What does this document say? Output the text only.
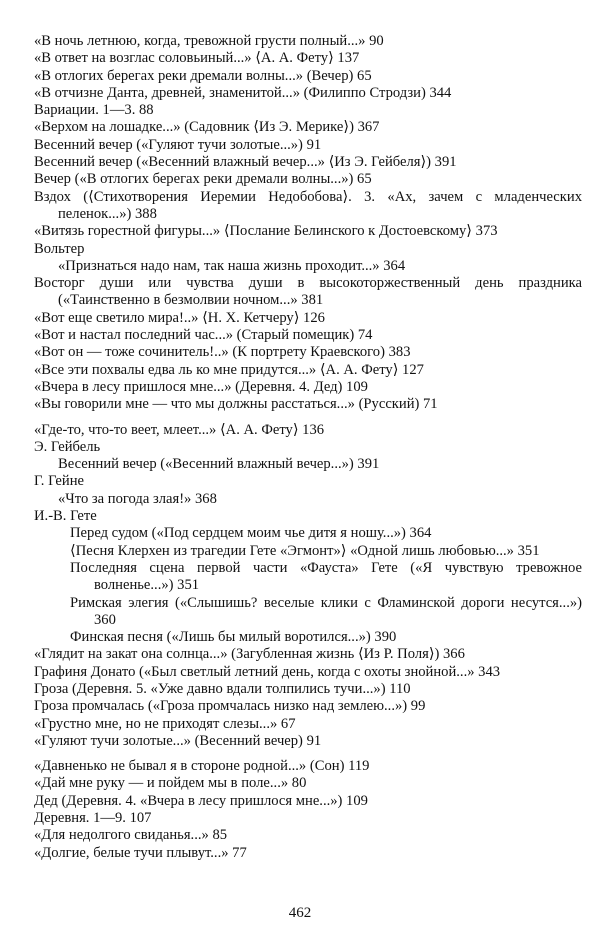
«В ночь летнюю, когда, тревожной грусти полный...» 90

«В ответ на возглас соловьиный...» ⟨А. А. Фету⟩ 137

«В отлогих берегах реки дремали волны...» (Вечер) 65

«В отчизне Данта, древней, знаменитой...» (Филиппо Стродзи) 344

Вариации. 1—3. 88

«Верхом на лошадке...» (Садовник ⟨Из Э. Мерике⟩) 367

Весенний вечер («Гуляют тучи золотые...») 91

Весенний вечер («Весенний влажный вечер...» ⟨Из Э. Гейбеля⟩) 391

Вечер («В отлогих берегах реки дремали волны...») 65

Вздох (⟨Стихотворения Иеремии Недобобова⟩. 3. «Ах, зачем с младенческих пеленок...») 388

«Витязь горестной фигуры...» ⟨Послание Белинского к Достоевскому⟩ 373

Вольтер

«Признаться надо нам, так наша жизнь проходит...» 364

Восторг души или чувства души в высокоторжественный день праздника («Таинственно в безмолвии ночном...» 381

«Вот еще светило мира!..» ⟨Н. Х. Кетчеру⟩ 126

«Вот и настал последний час...» (Старый помещик) 74

«Вот он — тоже сочинитель!..» (К портрету Краевского) 383

«Все эти похвалы едва ль ко мне придутся...» ⟨А. А. Фету⟩ 127

«Вчера в лесу пришлося мне...» (Деревня. 4. Дед) 109

«Вы говорили мне — что мы должны расстаться...» (Русский) 71

«Где-то, что-то веет, млеет...» ⟨А. А. Фету⟩ 136

Э. Гейбель

Весенний вечер («Весенний влажный вечер...») 391

Г. Гейне

«Что за погода злая!» 368

И.-В. Гете

Перед судом («Под сердцем моим чье дитя я ношу...») 364

⟨Песня Клерхен из трагедии Гете «Эгмонт»⟩ «Одной лишь любовью...» 351

Последняя сцена первой части «Фауста» Гете («Я чувствую тревожное волненье...») 351

Римская элегия («Слышишь? веселые клики с Фламинской дороги несутся...») 360

Финская песня («Лишь бы милый воротился...») 390

«Глядит на закат она солнца...» (Загубленная жизнь ⟨Из Р. Поля⟩) 366

Графиня Донато («Был светлый летний день, когда с охоты знойной...» 343

Гроза (Деревня. 5. «Уже давно вдали толпились тучи...») 110

Гроза промчалась («Гроза промчалась низко над землею...») 99

«Грустно мне, но не приходят слезы...» 67

«Гуляют тучи золотые...» (Весенний вечер) 91

«Давненько не бывал я в стороне родной...» (Сон) 119

«Дай мне руку — и пойдем мы в поле...» 80

Дед (Деревня. 4. «Вчера в лесу пришлося мне...») 109

Деревня. 1—9. 107

«Для недолгого свиданья...» 85

«Долгие, белые тучи плывут...» 77

462
